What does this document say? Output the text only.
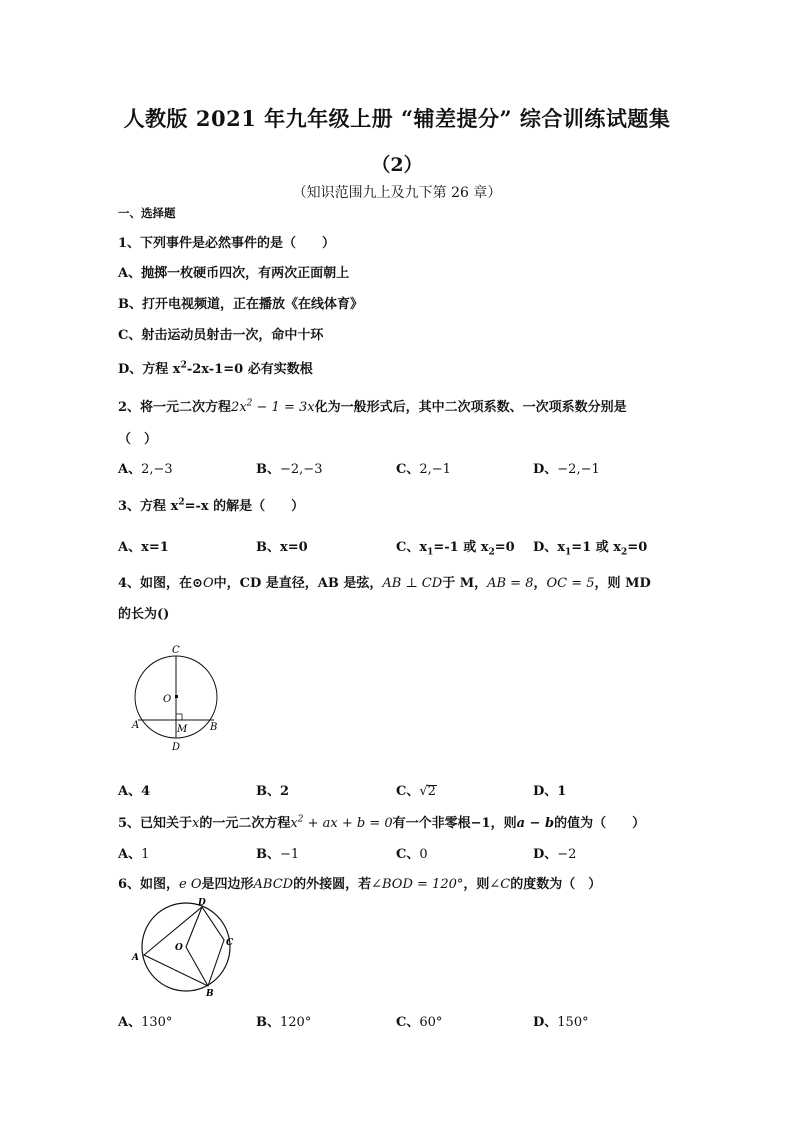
人教版 2021 年九年级上册 “辅差提分” 综合训练试题集
（2）
（知识范围九上及九下第 26 章）
一、选择题
1、下列事件是必然事件的是（　　）
A、抛掷一枚硬币四次，有两次正面朝上
B、打开电视频道，正在播放《在线体育》
C、射击运动员射击一次，命中十环
D、方程 $x^2-2x-1=0$ 必有实数根
2、将一元二次方程$2x^2 - 1 = 3x$化为一般形式后，其中二次项系数、一次项系数分别是
（　）
A、2,−3	B、−2,−3	C、2,−1	D、−2,−1
3、方程 $x^2=-x$ 的解是（　　）
A、x=1	B、x=0	C、$x_1=-1$ 或 $x_2=0$ D、$x_1=1$ 或 $x_2=0$
4、如图，在⊙O中，CD 是直径，AB 是弦，AB ⊥ CD于 M，AB = 8，OC = 5，则 MD
的长为()
C
O
A	B
M
D
A、4	B、2	C、√2	D、1
5、已知关于x的一元二次方程$x^2$ + ax + b = 0有一个非零根−1，则a − b的值为（　　）
A、1	B、−1	C、0	D、−2
6、如图，e O是四边形ABCD的外接圆，若∠BOD = 120°，则∠C的度数为（　）
D
O	C
A
B
A、130°	B、120°	C、60°	D、150°
